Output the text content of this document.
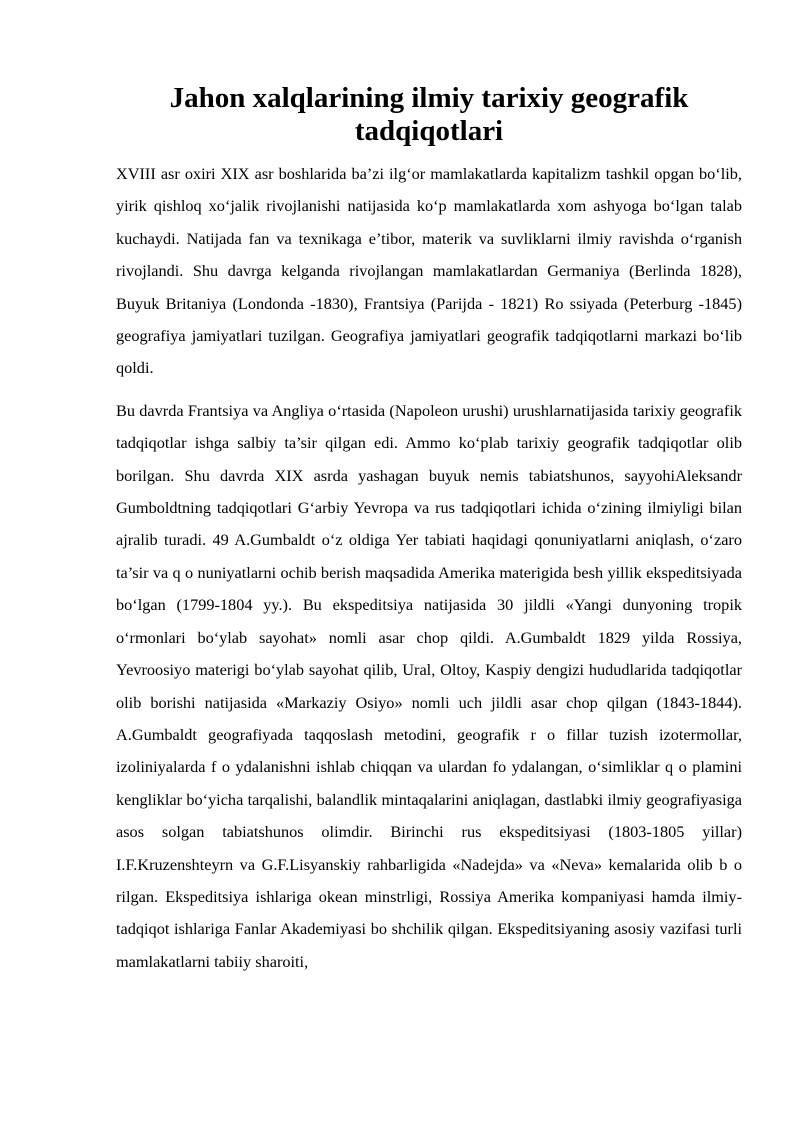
Jahon xalqlarining ilmiy tarixiy geografik tadqiqotlari

XVIII asr oxiri XIX asr boshlarida ba’zi ilg‘or mamlakatlarda kapitalizm tashkil opgan bo‘lib, yirik qishloq xo‘jalik rivojlanishi natijasida ko‘p mamlakatlarda xom ashyoga bo‘lgan talab kuchaydi. Natijada fan va texnikaga e’tibor, materik va suvliklarni ilmiy ravishda o‘rganish rivojlandi. Shu davrga kelganda rivojlangan mamlakatlardan Germaniya (Berlinda 1828), Buyuk Britaniya (Londonda -1830), Frantsiya (Parijda - 1821) Ro ssiyada (Peterburg -1845) geografiya jamiyatlari tuzilgan. Geografiya jamiyatlari geografik tadqiqotlarni markazi bo‘lib qoldi.

Bu davrda Frantsiya va Angliya o‘rtasida (Napoleon urushi) urushlarnatijasida tarixiy geografik tadqiqotlar ishga salbiy ta’sir qilgan edi. Ammo ko‘plab tarixiy geografik tadqiqotlar olib borilgan. Shu davrda XIX asrda yashagan buyuk nemis tabiatshunos, sayyohiAleksandr Gumboldtning tadqiqotlari G‘arbiy Yevropa va rus tadqiqotlari ichida o‘zining ilmiyligi bilan ajralib turadi. 49 A.Gumbaldt o‘z oldiga Yer tabiati haqidagi qonuniyatlarni aniqlash, o‘zaro ta’sir va q o nuniyatlarni ochib berish maqsadida Amerika materigida besh yillik ekspeditsiyada bo‘lgan (1799-1804 yy.). Bu ekspeditsiya natijasida 30 jildli «Yangi dunyoning tropik o‘rmonlari bo‘ylab sayohat» nomli asar chop qildi. A.Gumbaldt 1829 yilda Rossiya, Yevroosiyo materigi bo‘ylab sayohat qilib, Ural, Oltoy, Kaspiy dengizi hududlarida tadqiqotlar olib borishi natijasida «Markaziy Osiyo» nomli uch jildli asar chop qilgan (1843-1844). A.Gumbaldt geografiyada taqqoslash metodini, geografik r o fillar tuzish izotermollar, izoliniyalarda f o ydalanishni ishlab chiqqan va ulardan fo ydalangan, o‘simliklar q o plamini kengliklar bo‘yicha tarqalishi, balandlik mintaqalarini aniqlagan, dastlabki ilmiy geografiyasiga asos solgan tabiatshunos olimdir. Birinchi rus ekspeditsiyasi (1803-1805 yillar) I.F.Kruzenshteyrn va G.F.Lisyanskiy rahbarligida «Nadejda» va «Neva» kemalarida olib b o rilgan. Ekspeditsiya ishlariga okean minstrligi, Rossiya Amerika kompaniyasi hamda ilmiy-tadqiqot ishlariga Fanlar Akademiyasi bo shchilik qilgan. Ekspeditsiyaning asosiy vazifasi turli mamlakatlarni tabiiy sharoiti,
